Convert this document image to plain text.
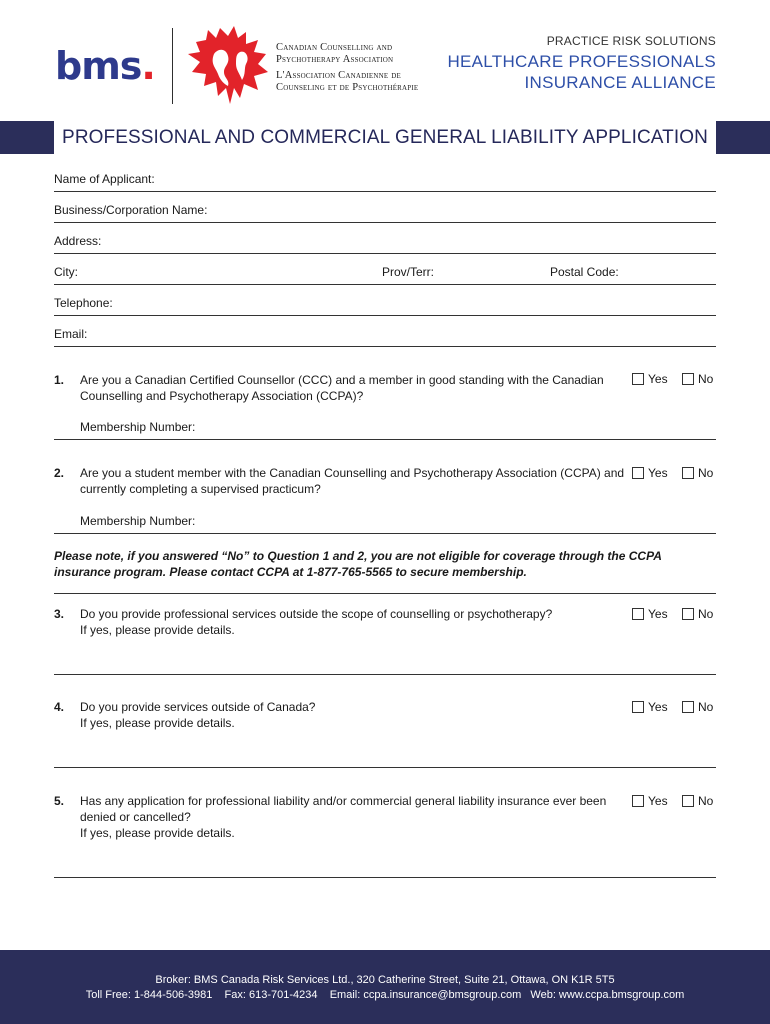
bms.	Canadian Counselling and
Psychotherapy Association
L'Association Canadienne de
Counseling et de Psychothérapie
PRACTICE RISK SOLUTIONS
HEALTHCARE PROFESSIONALS
INSURANCE ALLIANCE
PROFESSIONAL AND COMMERCIAL GENERAL LIABILITY APPLICATION
Name of Applicant:
Business/Corporation Name:
Address:
City:	Prov/Terr:	Postal Code:
Telephone:
Email:
1. Are you a Canadian Certified Counsellor (CCC) and a member in good standing with the Canadian Counselling and Psychotherapy Association (CCPA)?
Yes	No
Membership Number:
2. Are you a student member with the Canadian Counselling and Psychotherapy Association (CCPA) and currently completing a supervised practicum?
Yes	No
Membership Number:
Please note, if you answered “No” to Question 1 and 2, you are not eligible for coverage through the CCPA insurance program. Please contact CCPA at 1-877-765-5565 to secure membership.
3. Do you provide professional services outside the scope of counselling or psychotherapy?
If yes, please provide details.
Yes	No
4. Do you provide services outside of Canada?
If yes, please provide details.
Yes	No
5. Has any application for professional liability and/or commercial general liability insurance ever been denied or cancelled?
If yes, please provide details.
Yes	No
Broker: BMS Canada Risk Services Ltd., 320 Catherine Street, Suite 21, Ottawa, ON K1R 5T5
Toll Free: 1-844-506-3981    Fax: 613-701-4234    Email: ccpa.insurance@bmsgroup.com   Web: www.ccpa.bmsgroup.com
